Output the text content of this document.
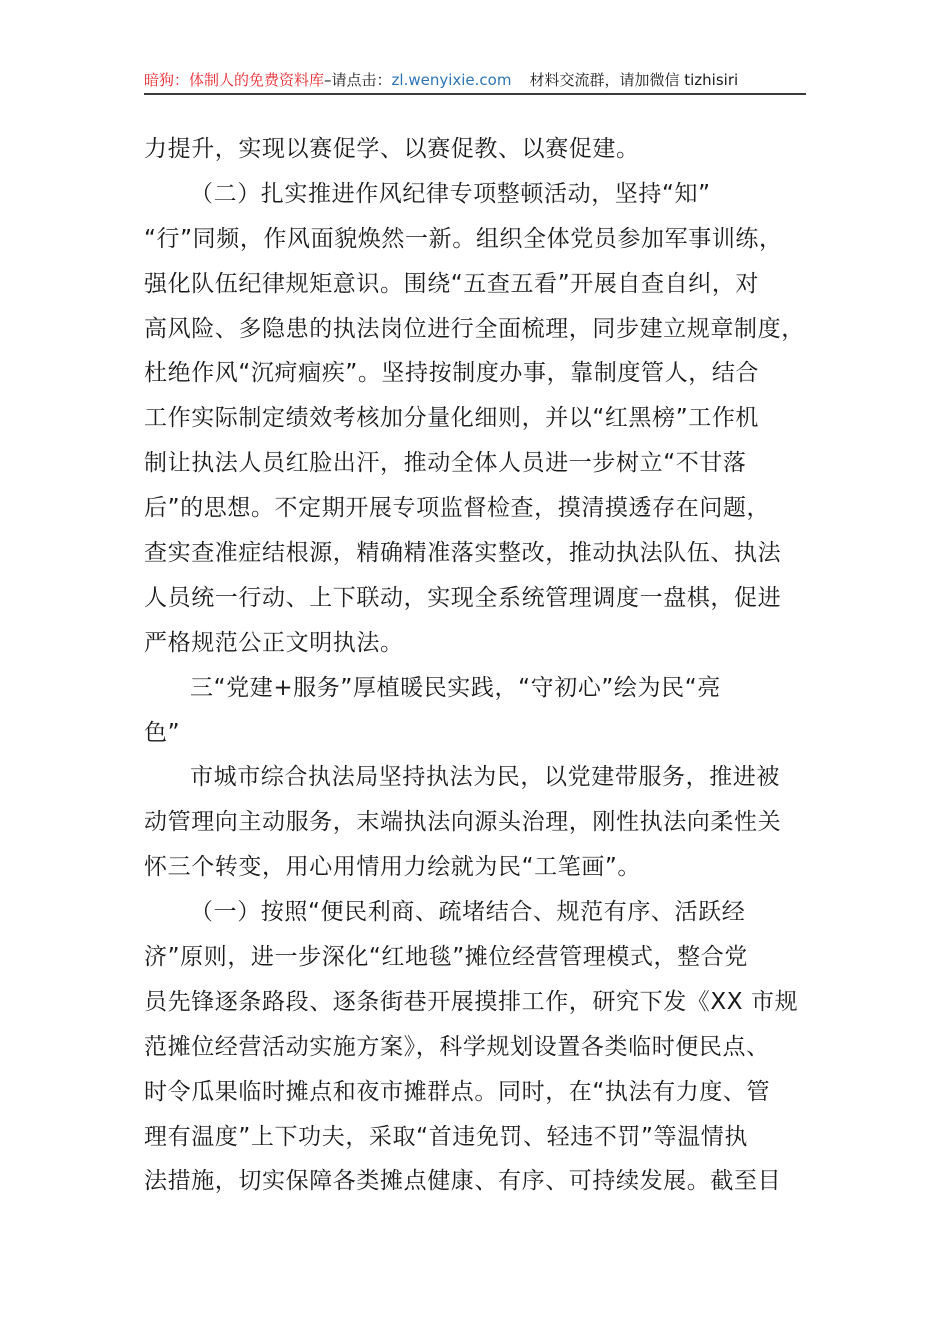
暗狗：体制人的免费资料库–请点击：zl.wenyixie.com 材料交流群，请加微信 tizhisiri
力提升，实现以赛促学、以赛促教、以赛促建。
（二）扎实推进作风纪律专项整顿活动，坚持“知”
“行”同频，作风面貌焕然一新。组织全体党员参加军事训练，
强化队伍纪律规矩意识。围绕“五查五看”开展自查自纠，对
高风险、多隐患的执法岗位进行全面梳理，同步建立规章制度，
杜绝作风“沉疴痼疾”。坚持按制度办事，靠制度管人，结合
工作实际制定绩效考核加分量化细则，并以“红黑榜”工作机
制让执法人员红脸出汗，推动全体人员进一步树立“不甘落
后”的思想。不定期开展专项监督检查，摸清摸透存在问题，
查实查准症结根源，精确精准落实整改，推动执法队伍、执法
人员统一行动、上下联动，实现全系统管理调度一盘棋，促进
严格规范公正文明执法。
三“党建+服务”厚植暖民实践，“守初心”绘为民“亮
色”
市城市综合执法局坚持执法为民，以党建带服务，推进被
动管理向主动服务，末端执法向源头治理，刚性执法向柔性关
怀三个转变，用心用情用力绘就为民“工笔画”。
（一）按照“便民利商、疏堵结合、规范有序、活跃经
济”原则，进一步深化“红地毯”摊位经营管理模式，整合党
员先锋逐条路段、逐条街巷开展摸排工作，研究下发《XX 市规
范摊位经营活动实施方案》，科学规划设置各类临时便民点、
时令瓜果临时摊点和夜市摊群点。同时，在“执法有力度、管
理有温度”上下功夫，采取“首违免罚、轻违不罚”等温情执
法措施，切实保障各类摊点健康、有序、可持续发展。截至目
